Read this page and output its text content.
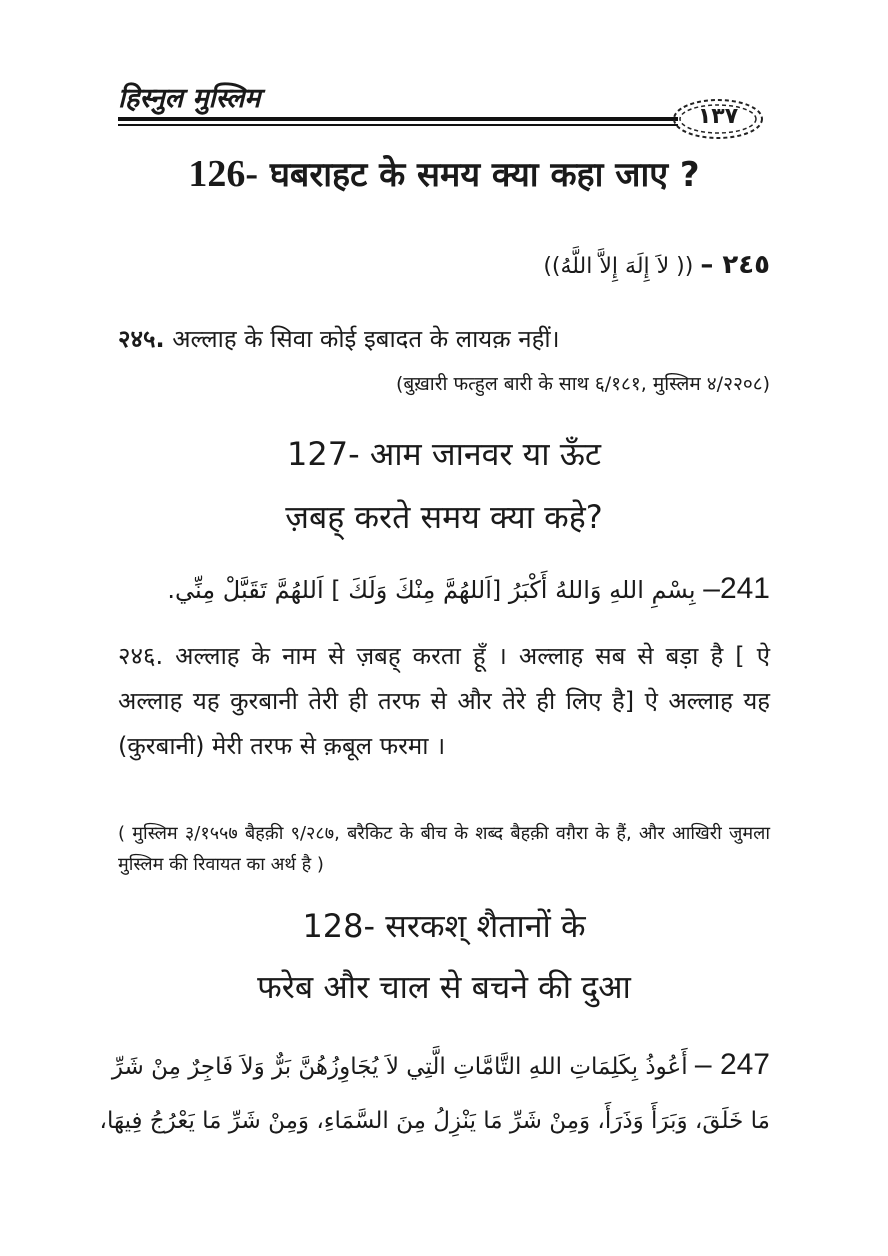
हिस्नुल मुस्लिम
١٣٧
126- घबराहट के समय क्या कहा जाए ?
٢٤٥ – (( لاَ إِلَهَ إِلاَّ اللَّهُ))
२४५. अल्लाह के सिवा कोई इबादत के लायक़ नहीं।
(बुख़ारी फत्हुल बारी के साथ ६/१८१, मुस्लिम ४/२२०८)
127- आम जानवर या ऊँट
ज़बह् करते समय क्या कहे?
241– بِسْمِ اللهِ وَاللهُ أَكْبَرُ [اَللهُمَّ مِنْكَ وَلَكَ ] اَللهُمَّ تَقَبَّلْ مِنِّي.
२४६. अल्लाह के नाम से ज़बह् करता हूँ । अल्लाह सब से बड़ा है [ ऐ अल्लाह यह कुरबानी तेरी ही तरफ से और तेरे ही लिए है] ऐ अल्लाह यह (कुरबानी) मेरी तरफ से क़बूल फरमा ।
( मुस्लिम ३/१५५७ बैहक़ी ९/२८७, बरैकिट के बीच के शब्द बैहक़ी वग़ैरा के हैं, और आखिरी जुमला मुस्लिम की रिवायत का अर्थ है )
128- सरकश् शैतानों के
फरेब और चाल से बचने की दुआ
247 – أَعُوذُ بِكَلِمَاتِ اللهِ التَّامَّاتِ الَّتِي لاَ يُجَاوِزُهُنَّ بَرٌّ وَلاَ فَاجِرٌ مِنْ شَرِّ
مَا خَلَقَ، وَبَرَأَ وَذَرَأَ، وَمِنْ شَرِّ مَا يَنْزِلُ مِنَ السَّمَاءِ، وَمِنْ شَرِّ مَا يَعْرُجُ فِيهَا،
